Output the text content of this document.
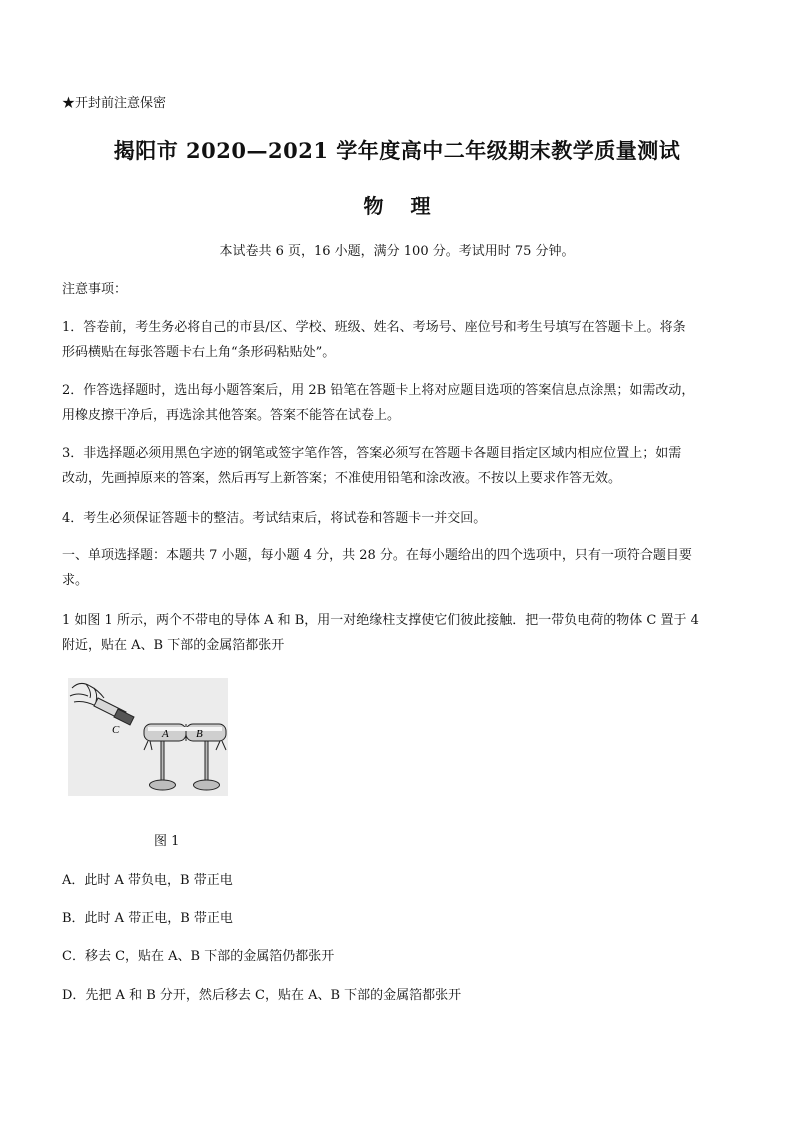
★开封前注意保密
揭阳市 2020—2021 学年度高中二年级期末教学质量测试
物 理
本试卷共 6 页，16 小题，满分 100 分。考试用时 75 分钟。
注意事项：
1．答卷前，考生务必将自己的市县/区、学校、班级、姓名、考场号、座位号和考生号填写在答题卡上。将条
形码横贴在每张答题卡右上角“条形码粘贴处”。
2．作答选择题时，选出每小题答案后，用 2B 铅笔在答题卡上将对应题目选项的答案信息点涂黑；如需改动，
用橡皮擦干净后，再选涂其他答案。答案不能答在试卷上。
3．非选择题必须用黑色字迹的钢笔或签字笔作答，答案必须写在答题卡各题目指定区域内相应位置上；如需
改动，先画掉原来的答案，然后再写上新答案；不准使用铅笔和涂改液。不按以上要求作答无效。
4．考生必须保证答题卡的整洁。考试结束后，将试卷和答题卡一并交回。
一、单项选择题：本题共 7 小题，每小题 4 分，共 28 分。在每小题给出的四个选项中，只有一项符合题目要
求。
1 如图 1 所示，两个不带电的导体 A 和 B，用一对绝缘柱支撑使它们彼此接触．把一带负电荷的物体 C 置于 4
附近，贴在 A、B 下部的金属箔都张开
C	A B
图 1
A．此时 A 带负电，B 带正电
B．此时 A 带正电，B 带正电
C．移去 C，贴在 A、B 下部的金属箔仍都张开
D．先把 A 和 B 分开，然后移去 C，贴在 A、B 下部的金属箔都张开
